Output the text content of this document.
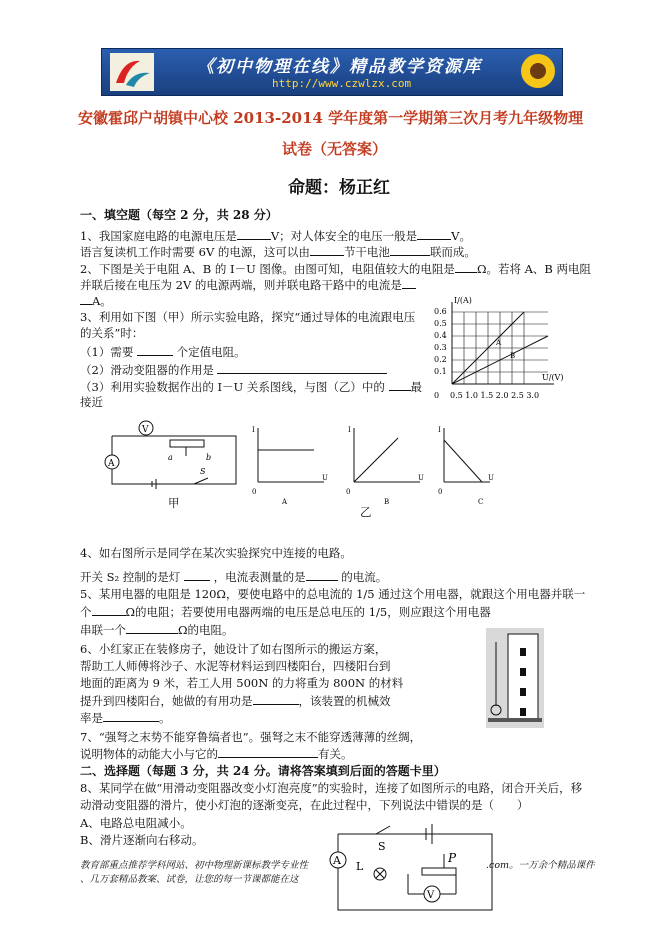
《初中物理在线》精品教学资源库
http://www.czwlzx.com
安徽霍邱户胡镇中心校 2013-2014 学年度第一学期第三次月考九年级物理
试卷（无答案）
命题：杨正红
一、填空题（每空 2 分，共 28 分）
1、我国家庭电路的电源电压是	V；对人体安全的电压一般是	V。
语言复读机工作时需要 6V 的电源，这可以由	节干电池	联而成。
2、下图是关于电阻 A、B 的 I－U 图像。由图可知，电阻值较大的电阻是 Ω。若将 A、B 两电阻
并联后接在电压为 2V 的电源两端，则并联电路干路中的电流是
A。
3、利用如下图（甲）所示实验电路，探究“通过导体的电流跟电压
的关系”时：
（1）需要	个定值电阻。
（2）滑动变阻器的作用是
（3）利用实验数据作出的 I－U 关系图线，与图（乙）中的 最
接近
I/(A)
U/(V)
0.6
0.5
0.4
0.3
0.2
0.1
0 0.5 1.0 1.5 2.0 2.5 3.0
A
B
V
A
a	b
S
甲
I
U
0
A
I
U
0
B
I
U
0
C
乙
4、如右图所示是同学在某次实验探究中连接的电路。
开关 S₂ 控制的是灯	，电流表测量的是	的电流。
5、某用电器的电阻是 120Ω，要使电路中的总电流的 1/5 通过这个用电器，就跟这个用电器并联一
个	Ω的电阻；若要使用电器两端的电压是总电压的 1/5，则应跟这个用电器
串联一个	Ω的电阻。
6、小红家正在装修房子，她设计了如右图所示的搬运方案，
帮助工人师傅将沙子、水泥等材料运到四楼阳台，四楼阳台到
地面的距离为 9 米，若工人用 500N 的力将重为 800N 的材料
提升到四楼阳台，她做的有用功是	，该装置的机械效
率是	。
7、“强弩之末势不能穿鲁缟者也”。强弩之末不能穿透薄薄的丝绸，
说明物体的动能大小与它的	有关。
二、选择题（每题 3 分，共 24 分。请将答案填到后面的答题卡里）
8、某同学在做“用滑动变阻器改变小灯泡亮度”的实验时，连接了如图所示的电路，闭合开关后，移
动滑动变阻器的滑片，使小灯泡的逐渐变亮，在此过程中，下列说法中错误的是（　　）
A、电路总电阻减小。
B、滑片逐渐向右移动。	S
A L
P
V
教育部重点推荐学科网站、初中物理新课标教学专业性
、几万套精品教案、试卷，让您的每一节课都能在这
.com。一万余个精品课件
